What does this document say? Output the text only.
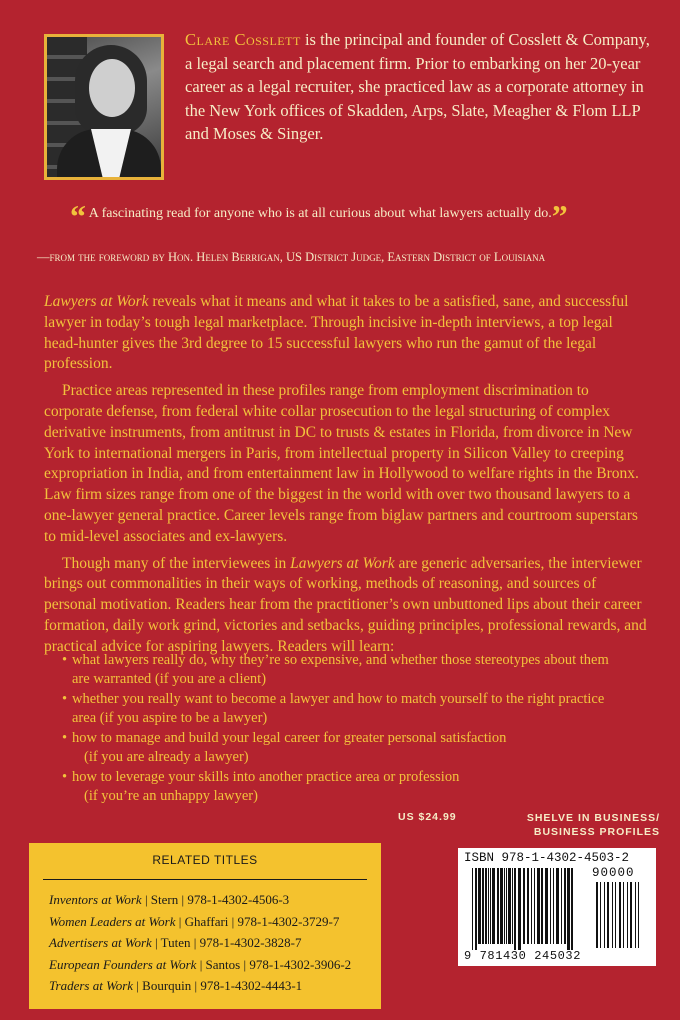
Clare Cosslett is the principal and founder of Cosslett & Company, a legal search and placement firm. Prior to embarking on her 20-year career as a legal recruiter, she practiced law as a corporate attorney in the New York offices of Skadden, Arps, Slate, Meagher & Flom LLP and Moses & Singer.

“ A fascinating read for anyone who is at all curious about what lawyers actually do.”

—from the foreword by Hon. Helen Berrigan, US District Judge, Eastern District of Louisiana

Lawyers at Work reveals what it means and what it takes to be a satisfied, sane, and successful lawyer in today’s tough legal marketplace. Through incisive in-depth interviews, a top legal head-hunter gives the 3rd degree to 15 successful lawyers who run the gamut of the legal profession.

Practice areas represented in these profiles range from employment discrimination to corporate defense, from federal white collar prosecution to the legal structuring of complex derivative instruments, from antitrust in DC to trusts & estates in Florida, from divorce in New York to international mergers in Paris, from intellectual property in Silicon Valley to creeping expropriation in India, and from entertainment law in Hollywood to welfare rights in the Bronx. Law firm sizes range from one of the biggest in the world with over two thousand lawyers to a one-lawyer general practice. Career levels range from biglaw partners and courtroom superstars to mid-level associates and ex-lawyers.

Though many of the interviewees in Lawyers at Work are generic adversaries, the interviewer brings out commonalities in their ways of working, methods of reasoning, and sources of personal motivation. Readers hear from the practitioner’s own unbuttoned lips about their career formation, daily work grind, victories and setbacks, guiding principles, professional rewards, and practical advice for aspiring lawyers. Readers will learn:

• what lawyers really do, why they’re so expensive, and whether those stereotypes about them are warranted (if you are a client)
• whether you really want to become a lawyer and how to match yourself to the right practice area (if you aspire to be a lawyer)
• how to manage and build your legal career for greater personal satisfaction
(if you are already a lawyer)
• how to leverage your skills into another practice area or profession
(if you’re an unhappy lawyer)
US $24.99	SHELVE IN BUSINESS/
BUSINESS PROFILES
RELATED TITLES
Inventors at Work | Stern | 978-1-4302-4506-3
Women Leaders at Work | Ghaffari | 978-1-4302-3729-7
Advertisers at Work | Tuten | 978-1-4302-3828-7
European Founders at Work | Santos | 978-1-4302-3906-2
Traders at Work | Bourquin | 978-1-4302-4443-1
ISBN 978-1-4302-4503-2
90000
9 781430 245032
